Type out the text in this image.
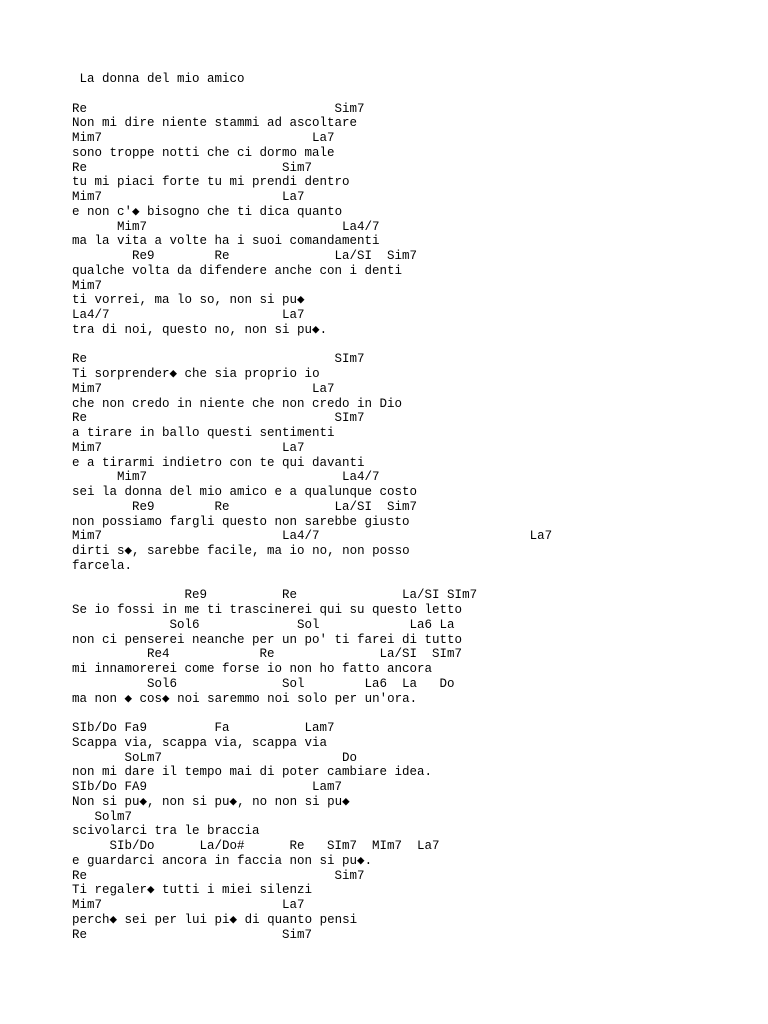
La donna del mio amico
Re                                 Sim7
Non mi dire niente stammi ad ascoltare
Mim7                            La7
sono troppe notti che ci dormo male
Re                          Sim7
tu mi piaci forte tu mi prendi dentro
Mim7                        La7
e non c'◆ bisogno che ti dica quanto
Mim7                          La4/7
ma la vita a volte ha i suoi comandamenti
Re9        Re              La/SI  Sim7
qualche volta da difendere anche con i denti
Mim7
ti vorrei, ma lo so, non si pu◆
La4/7                       La7
tra di noi, questo no, non si pu◆.
Re                                 SIm7
Ti sorprender◆ che sia proprio io
Mim7                            La7
che non credo in niente che non credo in Dio
Re                                 SIm7
a tirare in ballo questi sentimenti
Mim7                        La7
e a tirarmi indietro con te qui davanti
Mim7                          La4/7
sei la donna del mio amico e a qualunque costo
Re9        Re              La/SI  Sim7
non possiamo fargli questo non sarebbe giusto
Mim7                        La4/7                            La7
dirti s◆, sarebbe facile, ma io no, non posso
farcela.
Re9          Re              La/SI SIm7
Se io fossi in me ti trascinerei qui su questo letto
Sol6             Sol            La6 La
non ci penserei neanche per un po' ti farei di tutto
Re4            Re              La/SI  SIm7
mi innamorerei come forse io non ho fatto ancora
Sol6              Sol        La6  La   Do
ma non ◆ cos◆ noi saremmo noi solo per un'ora.
SIb/Do Fa9         Fa          Lam7
Scappa via, scappa via, scappa via
SoLm7                        Do
non mi dare il tempo mai di poter cambiare idea.
SIb/Do FA9                      Lam7
Non si pu◆, non si pu◆, no non si pu◆
Solm7
scivolarci tra le braccia
SIb/Do      La/Do#      Re   SIm7  MIm7  La7
e guardarci ancora in faccia non si pu◆.
Re                                 Sim7
Ti regaler◆ tutti i miei silenzi
Mim7                        La7
perch◆ sei per lui pi◆ di quanto pensi
Re                          Sim7
